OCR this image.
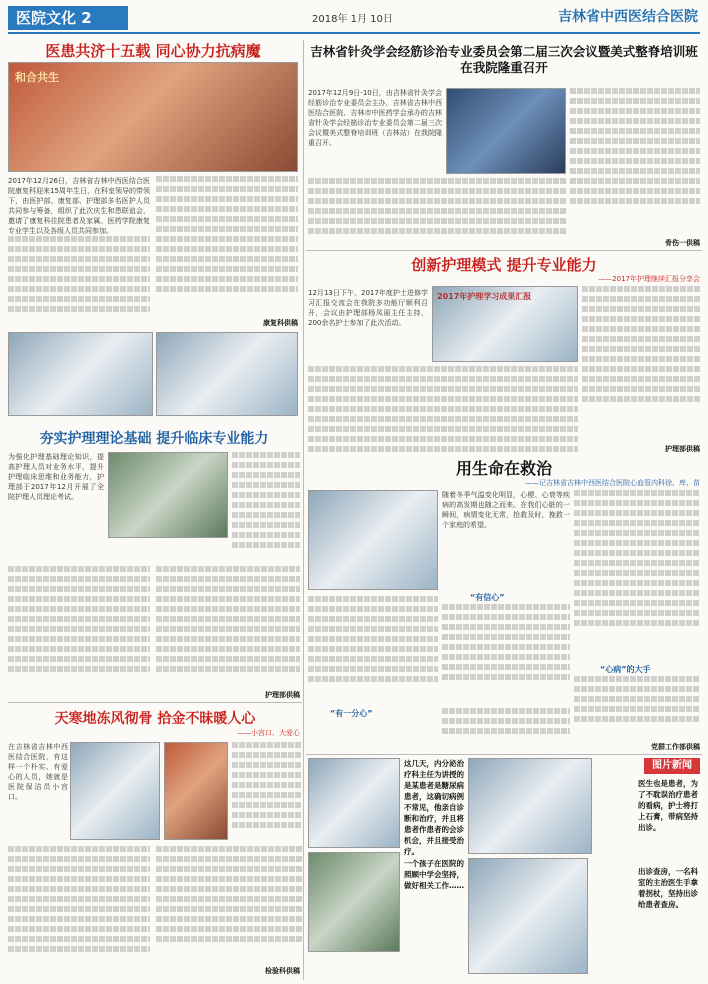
医院文化 2	2018年 1月 10日	吉林省中西医结合医院
医患共济十五载 同心协力抗病魔
和合共生

2017年12月26日，吉林省吉林中西医结合医院康复科迎来15周年生日，在科室领导的带领下，由医护部、康复部、护理部多名医护人员共同参与筹备，组织了此次庆生和患联谊会，邀请了康复科住院患者及家属、医药学院康复专业学生以及各级人员共同参加。

康复科供稿
吉林省针灸学会经筋诊治专业委员会第二届三次会议暨美式整脊培训班在我院隆重召开

2017年12月9日-10日，由吉林省针灸学会经筋诊治专业委员会主办，吉林省吉林中西医结合医院、吉林市中医药学会承办的吉林省针灸学会经筋诊治专业委员会第二届三次会议暨美式整脊培训班（吉林站）在我院隆重召开。

骨伤一供稿
创新护理模式 提升专业能力
——2017年护理继续汇报分享会

12月13日下午，2017年度护士进修学习汇报交流会在我院多功能厅顺利召开，会议由护理部杨凤丽主任主持，200余名护士参加了此次活动。

2017年护理学习成果汇报
护理部供稿
夯实护理理论基础 提升临床专业能力

为强化护理基础理论知识，提高护理人员对业务水平，提升护理临床思维和业务能力，护理部于2017年12月开展了全院护理人员理论考试。

护理部供稿
用生命在救治
——记吉林省吉林中西医结合医院心血管内科徐、库、苗

随着冬季气温变化明显，心梗、心衰等疾病的高发期也随之而来。在我们心脏的一瞬间，病情变化无常，抢救及时，挽救一个家庭的希望。

“有信心”
“有一分心”
“心病”的大手
党群工作部供稿
天寒地冻风彻骨 拾金不昧暖人心
——小宫口、大爱心

在吉林省吉林中西医结合医院，有这样一个朴实、有爱心的人员，她就是医院保洁员小宫口。

检验科供稿
这几天，内分泌治疗科主任为讲授的是某患者是糖尿病患者，这确切病例不常见，他亲自诊断和治疗，并且将患者作患者的会诊机会，并且接受治疗。
一个孩子在医院的照顾中学会坚持，做好相关工作……
图片新闻
医生也是患者，为了不耽误治疗患者的看病，护士将打上石膏，带病坚持出诊。
出诊查房，一名科室的主治医生手拿着拐杖，坚持出诊给患者查房。
